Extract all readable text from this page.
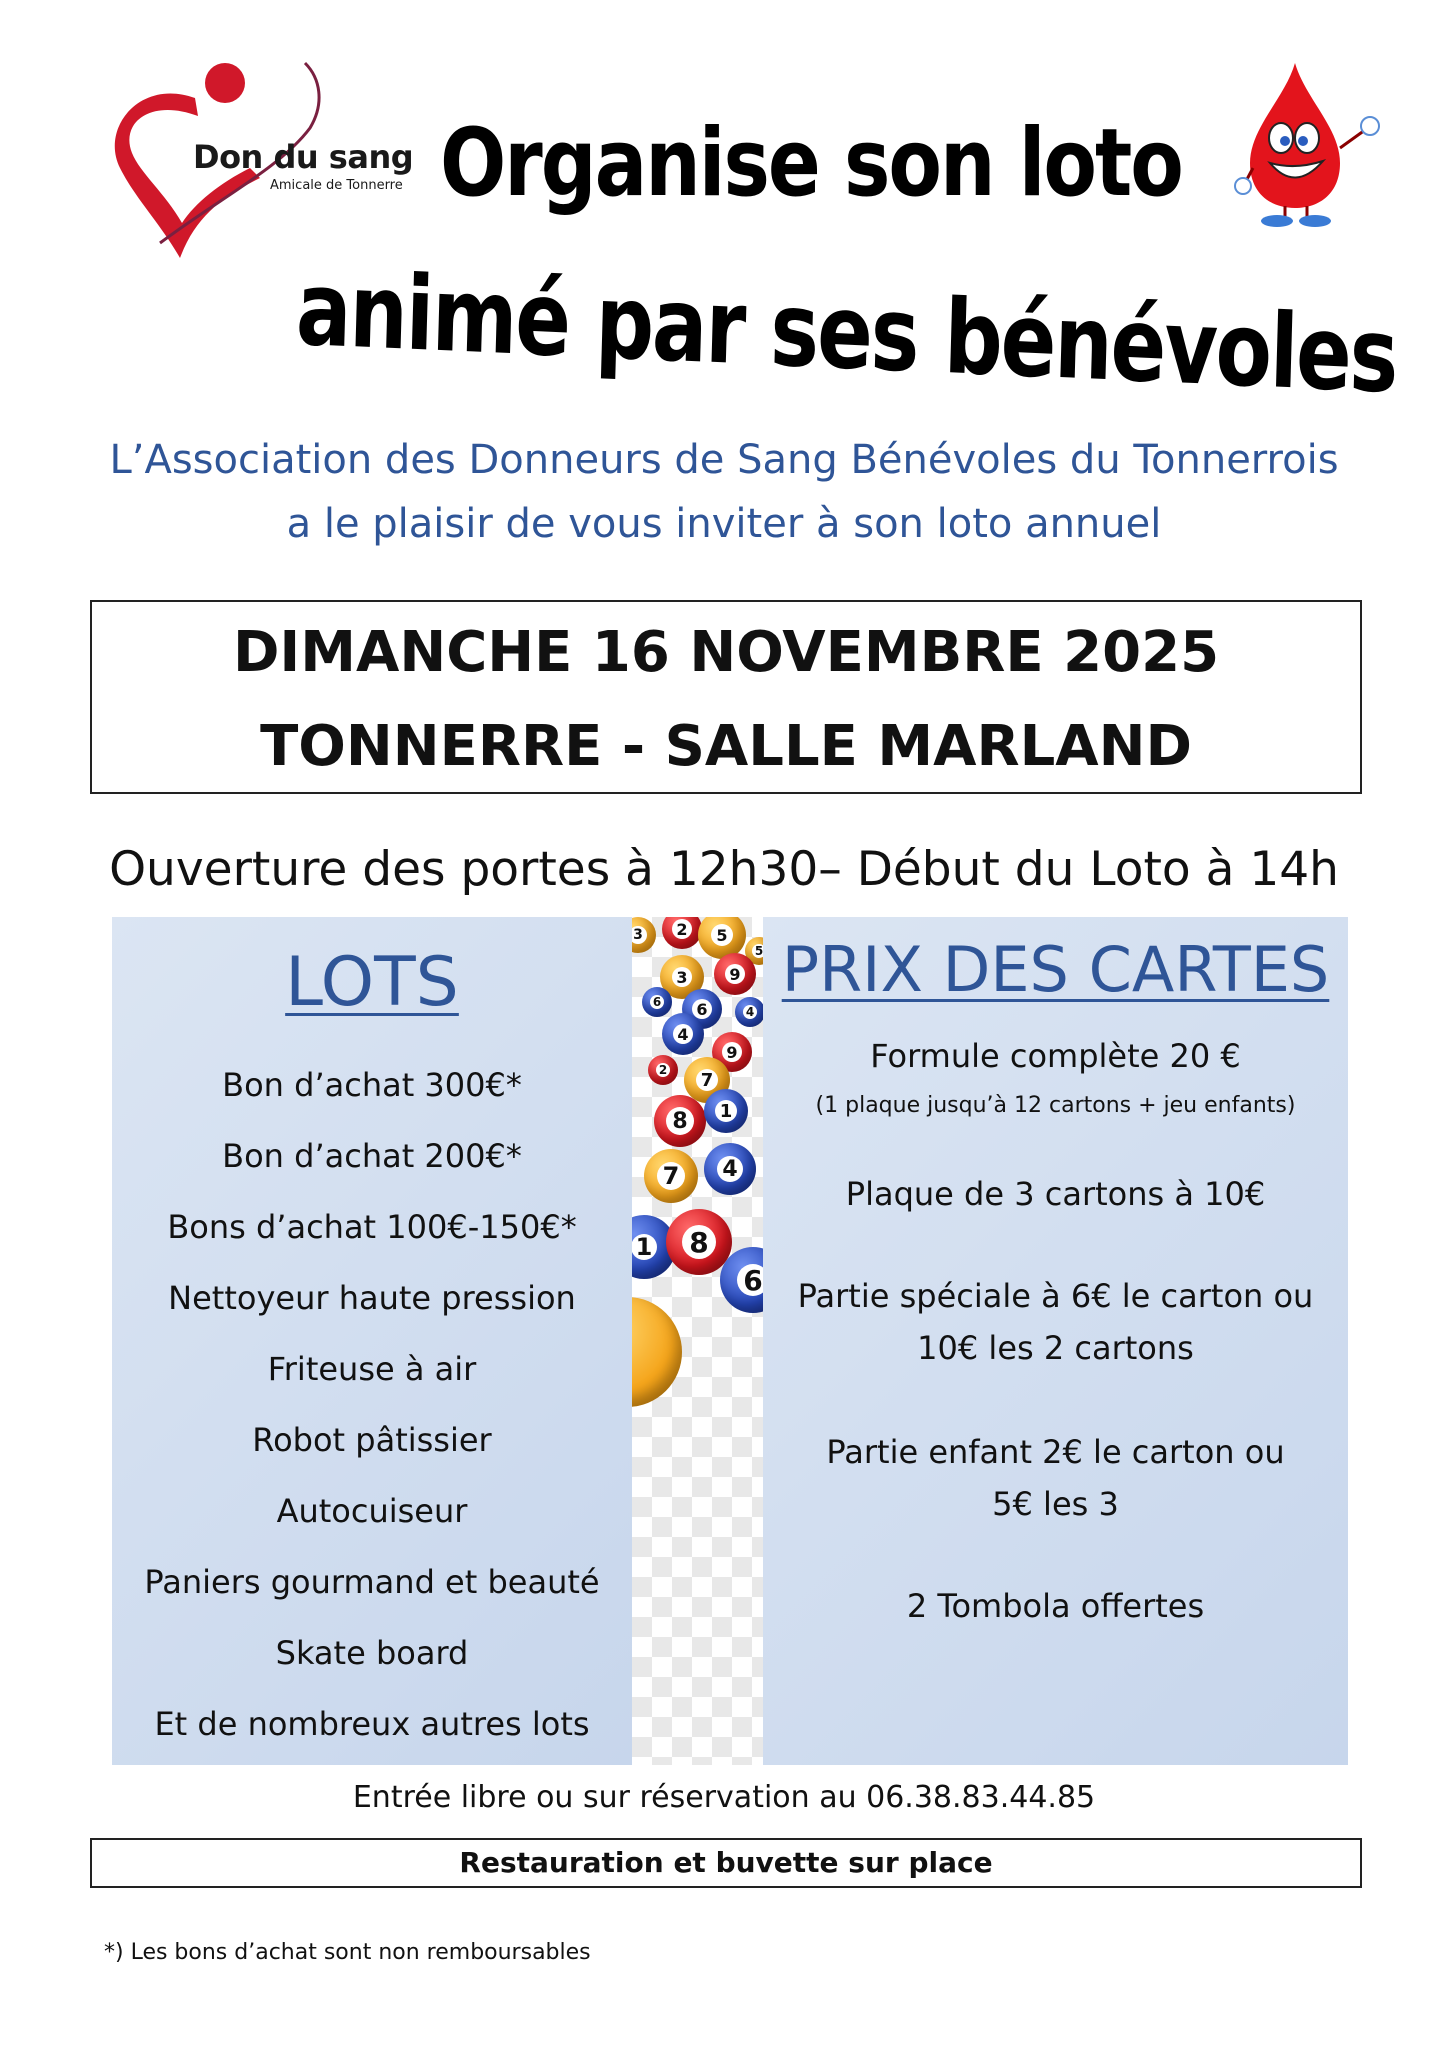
Don du sang
Amicale de Tonnerre Organise son loto
animé par ses bénévoles
L’Association des Donneurs de Sang Bénévoles du Tonnerrois
a le plaisir de vous inviter à son loto annuel
DIMANCHE 16 NOVEMBRE 2025
TONNERRE - SALLE MARLAND
Ouverture des portes à 12h30– Début du Loto à 14h
LOTS
Bon d’achat 300€*
Bon d’achat 200€*
Bons d’achat 100€-150€*
Nettoyeur haute pression
Friteuse à air
Robot pâtissier
Autocuiseur
Paniers gourmand et beauté
Skate board
Et de nombreux autres lots
3 2	5
5
3	9
6 6
4
4
9
2 7
8	1
7 4
1 8
6
PRIX DES CARTES
Formule complète 20 €
(1 plaque jusqu’à 12 cartons + jeu enfants)
Plaque de 3 cartons à 10€
Partie spéciale à 6€ le carton ou
10€ les 2 cartons
Partie enfant 2€ le carton ou
5€ les 3
2 Tombola offertes
Entrée libre ou sur réservation au 06.38.83.44.85
Restauration et buvette sur place
*) Les bons d’achat sont non remboursables
